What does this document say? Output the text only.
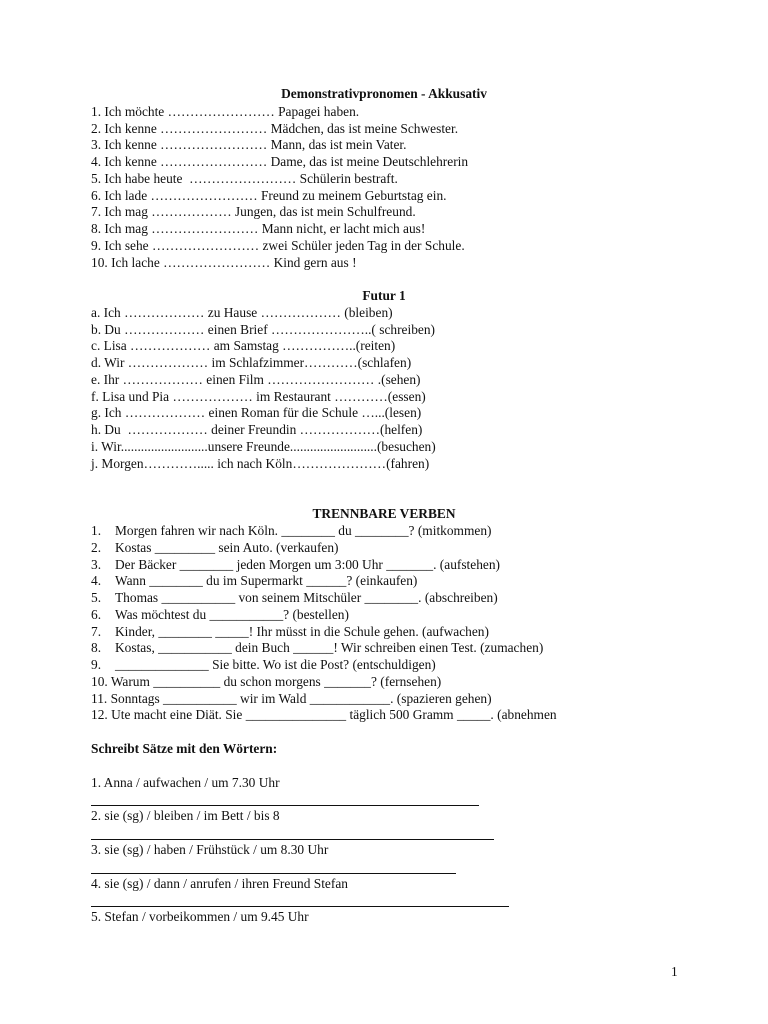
Demonstrativpronomen - Akkusativ
1. Ich möchte …………………… Papagei haben.
2. Ich kenne …………………… Mädchen, das ist meine Schwester.
3. Ich kenne …………………… Mann, das ist mein Vater.
4. Ich kenne …………………… Dame, das ist meine Deutschlehrerin
5. Ich habe heute  …………………… Schülerin bestraft.
6. Ich lade …………………… Freund zu meinem Geburtstag ein.
7. Ich mag ……………… Jungen, das ist mein Schulfreund.
8. Ich mag …………………… Mann nicht, er lacht mich aus!
9. Ich sehe …………………… zwei Schüler jeden Tag in der Schule.
10. Ich lache …………………… Kind gern aus !
Futur 1
a. Ich ……………… zu Hause ……………… (bleiben)
b. Du ……………… einen Brief …………………..( schreiben)
c. Lisa ……………… am Samstag ……………..(reiten)
d. Wir ……………… im Schlafzimmer…………(schlafen)
e. Ihr ……………… einen Film …………………… .(sehen)
f. Lisa und Pia ……………… im Restaurant …………(essen)
g. Ich ……………… einen Roman für die Schule …...(lesen)
h. Du  ……………… deiner Freundin ………………(helfen)
i. Wir..........................unsere Freunde..........................(besuchen)
j. Morgen…………..... ich nach Köln…………………(fahren)
TRENNBARE VERBEN
1. Morgen fahren wir nach Köln. ________ du ________? (mitkommen)
2. Kostas _________ sein Auto. (verkaufen)
3. Der Bäcker ________ jeden Morgen um 3:00 Uhr _______. (aufstehen)
4. Wann ________ du im Supermarkt ______? (einkaufen)
5. Thomas ___________ von seinem Mitschüler ________. (abschreiben)
6. Was möchtest du ___________? (bestellen)
7. Kinder, ________ _____! Ihr müsst in die Schule gehen. (aufwachen)
8. Kostas, ___________ dein Buch ______! Wir schreiben einen Test. (zumachen)
9. ______________ Sie bitte. Wo ist die Post? (entschuldigen)
10. Warum __________ du schon morgens _______? (fernsehen)
11. Sonntags ___________ wir im Wald ____________. (spazieren gehen)
12. Ute macht eine Diät. Sie _______________ täglich 500 Gramm _____. (abnehmen
Schreibt Sätze mit den Wörtern:
1. Anna / aufwachen / um 7.30 Uhr
2. sie (sg) / bleiben / im Bett / bis 8
3. sie (sg) / haben / Frühstück / um 8.30 Uhr
4. sie (sg) / dann / anrufen / ihren Freund Stefan
5. Stefan / vorbeikommen / um 9.45 Uhr
1
